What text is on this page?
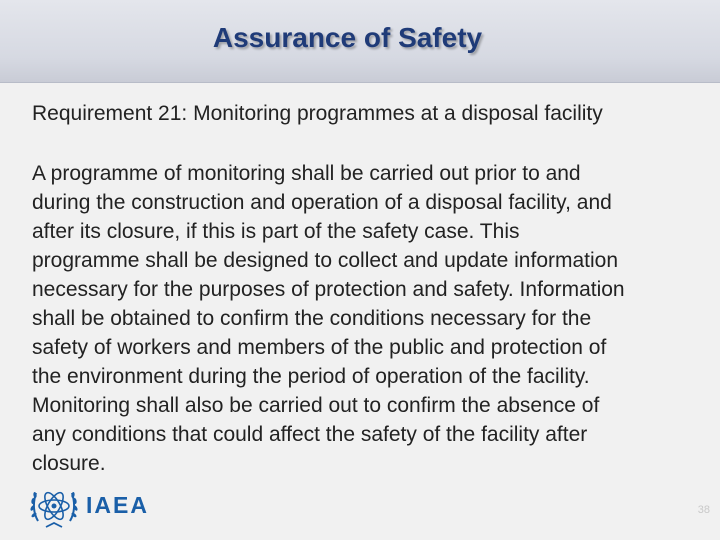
Assurance of Safety
Requirement 21: Monitoring programmes at a disposal facility
A programme of monitoring shall be carried out prior to and
during the construction and operation of a disposal facility, and
after its closure, if this is part of the safety case. This
programme shall be designed to collect and update information
necessary for the purposes of protection and safety. Information
shall be obtained to confirm the conditions necessary for the
safety of workers and members of the public and protection of
the environment during the period of operation of the facility.
Monitoring shall also be carried out to confirm the absence of
any conditions that could affect the safety of the facility after
closure.
IAEA	38
